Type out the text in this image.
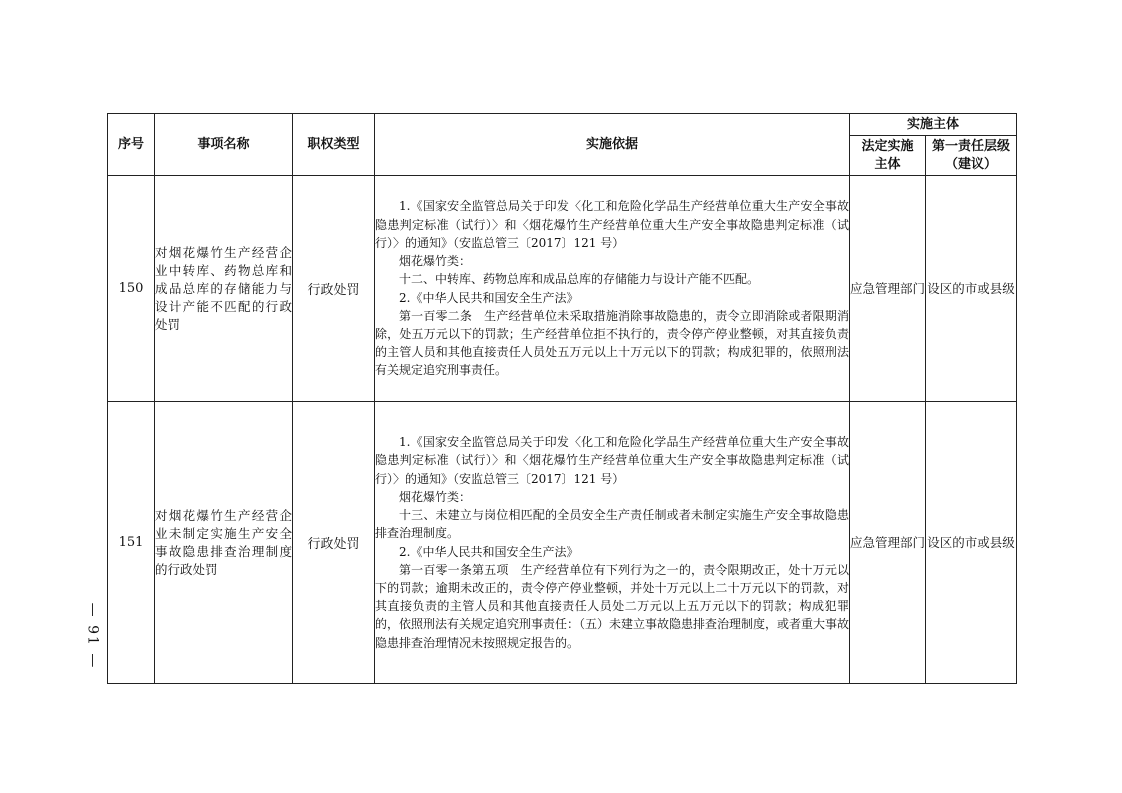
序号	事项名称	职权类型	实施依据	实施主体	
				法定实施主体	第一责任层级（建议）
150	对烟花爆竹生产经营企业中转库、药物总库和成品总库的存储能力与设计产能不匹配的行政处罚	行政处罚	1.《国家安全监管总局关于印发〈化工和危险化学品生产经营单位重大生产安全事故隐患判定标准（试行）〉和〈烟花爆竹生产经营单位重大生产安全事故隐患判定标准（试行）〉的通知》（安监总管三〔2017〕121 号）

烟花爆竹类：

十二、中转库、药物总库和成品总库的存储能力与设计产能不匹配。

2.《中华人民共和国安全生产法》

第一百零二条　生产经营单位未采取措施消除事故隐患的，责令立即消除或者限期消除，处五万元以下的罚款；生产经营单位拒不执行的，责令停产停业整顿，对其直接负责的主管人员和其他直接责任人员处五万元以上十万元以下的罚款；构成犯罪的，依照刑法有关规定追究刑事责任。	应急管理部门	设区的市或县级
151	对烟花爆竹生产经营企业未制定实施生产安全事故隐患排查治理制度的行政处罚	行政处罚	1.《国家安全监管总局关于印发〈化工和危险化学品生产经营单位重大生产安全事故隐患判定标准（试行）〉和〈烟花爆竹生产经营单位重大生产安全事故隐患判定标准（试行）〉的通知》（安监总管三〔2017〕121 号）

烟花爆竹类：

十三、未建立与岗位相匹配的全员安全生产责任制或者未制定实施生产安全事故隐患排查治理制度。

2.《中华人民共和国安全生产法》

第一百零一条第五项　生产经营单位有下列行为之一的，责令限期改正，处十万元以下的罚款；逾期未改正的，责令停产停业整顿，并处十万元以上二十万元以下的罚款，对其直接负责的主管人员和其他直接责任人员处二万元以上五万元以下的罚款；构成犯罪的，依照刑法有关规定追究刑事责任：（五）未建立事故隐患排查治理制度，或者重大事故隐患排查治理情况未按照规定报告的。	应急管理部门	设区的市或县级
— 91 —
